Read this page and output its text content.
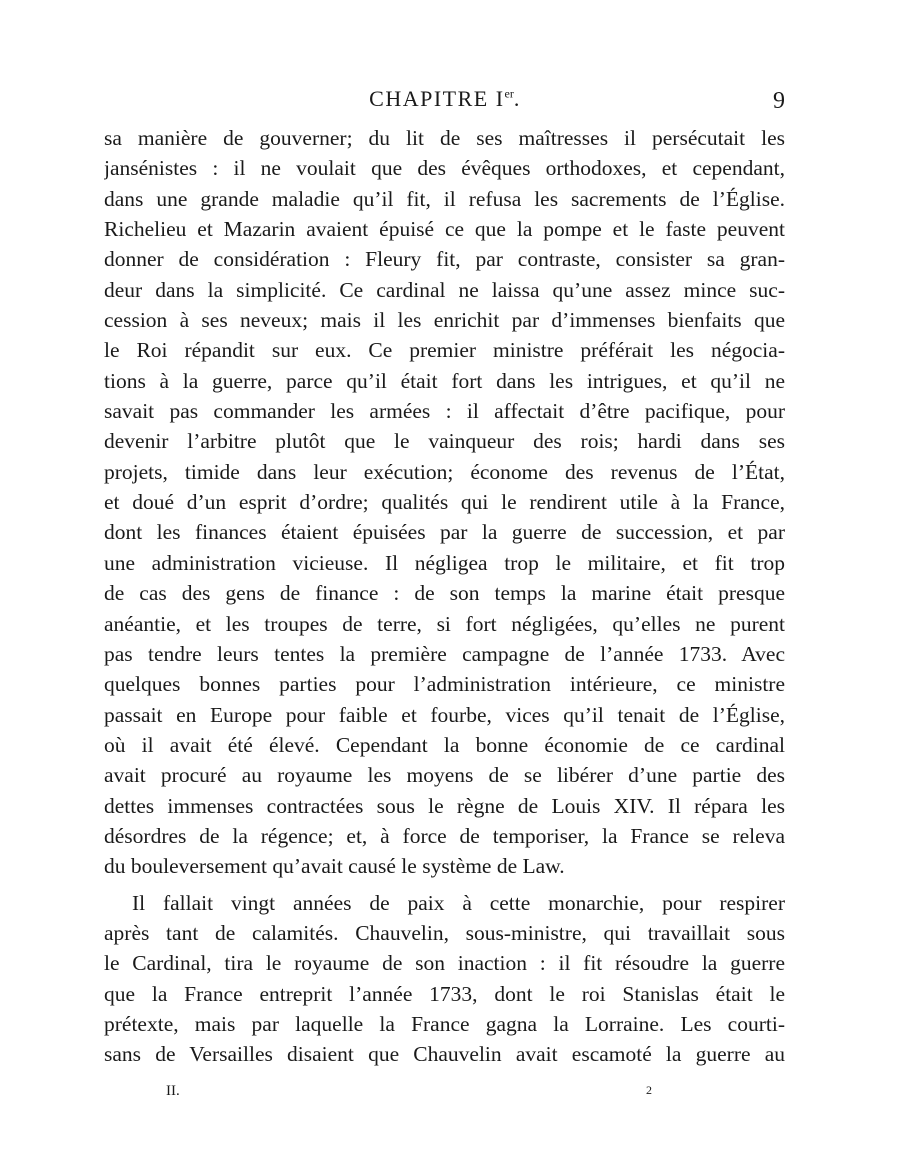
CHAPITRE Ier.	9
sa manière de gouverner; du lit de ses maîtresses il persécutait les
jansénistes : il ne voulait que des évêques orthodoxes, et cependant,
dans une grande maladie qu’il fit, il refusa les sacrements de l’Église.
Richelieu et Mazarin avaient épuisé ce que la pompe et le faste peuvent
donner de considération : Fleury fit, par contraste, consister sa gran-
deur dans la simplicité. Ce cardinal ne laissa qu’une assez mince suc-
cession à ses neveux; mais il les enrichit par d’immenses bienfaits que
le Roi répandit sur eux. Ce premier ministre préférait les négocia-
tions à la guerre, parce qu’il était fort dans les intrigues, et qu’il ne
savait pas commander les armées : il affectait d’être pacifique, pour
devenir l’arbitre plutôt que le vainqueur des rois; hardi dans ses
projets, timide dans leur exécution; économe des revenus de l’État,
et doué d’un esprit d’ordre; qualités qui le rendirent utile à la France,
dont les finances étaient épuisées par la guerre de succession, et par
une administration vicieuse. Il négligea trop le militaire, et fit trop
de cas des gens de finance : de son temps la marine était presque
anéantie, et les troupes de terre, si fort négligées, qu’elles ne purent
pas tendre leurs tentes la première campagne de l’année 1733. Avec
quelques bonnes parties pour l’administration intérieure, ce ministre
passait en Europe pour faible et fourbe, vices qu’il tenait de l’Église,
où il avait été élevé. Cependant la bonne économie de ce cardinal
avait procuré au royaume les moyens de se libérer d’une partie des
dettes immenses contractées sous le règne de Louis XIV. Il répara les
désordres de la régence; et, à force de temporiser, la France se releva
du bouleversement qu’avait causé le système de Law.
Il fallait vingt années de paix à cette monarchie, pour respirer
après tant de calamités. Chauvelin, sous-ministre, qui travaillait sous
le Cardinal, tira le royaume de son inaction : il fit résoudre la guerre
que la France entreprit l’année 1733, dont le roi Stanislas était le
prétexte, mais par laquelle la France gagna la Lorraine. Les courti-
sans de Versailles disaient que Chauvelin avait escamoté la guerre au
II.	2
